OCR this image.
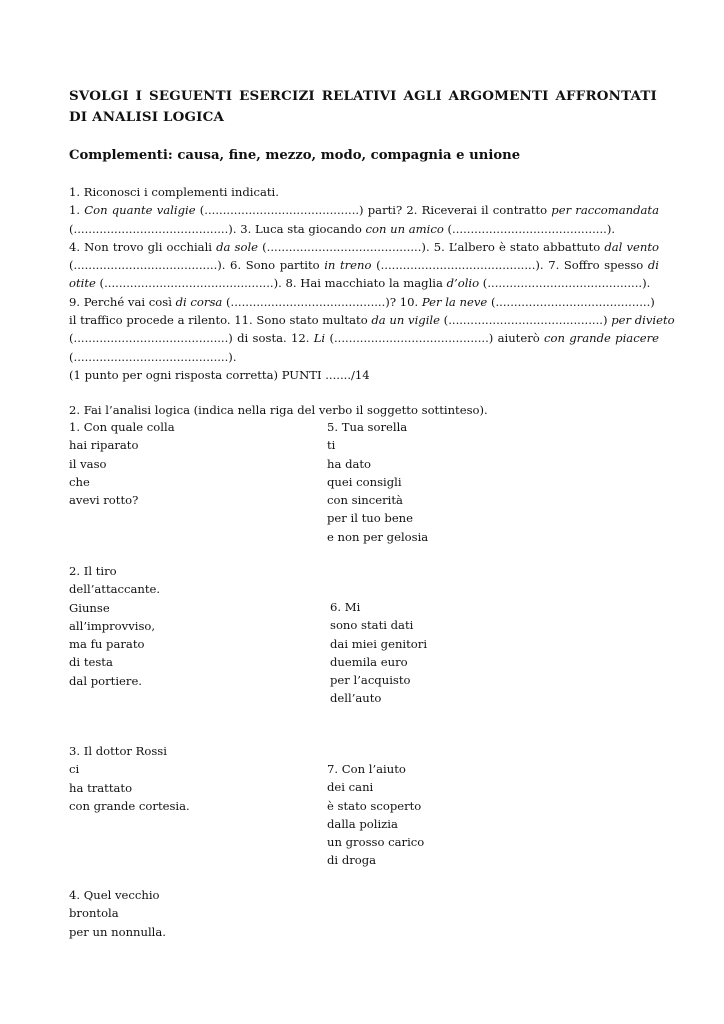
SVOLGI I SEGUENTI ESERCIZI RELATIVI AGLI ARGOMENTI AFFRONTATI DI ANALISI LOGICA
Complementi: causa, fine, mezzo, modo, compagnia e unione
1. Riconosci i complementi indicati.
1. Con quante valigie (..........................................) parti? 2. Riceverai il contratto per raccomandata
(..........................................). 3. Luca sta giocando con un amico (..........................................).
4. Non trovo gli occhiali da sole (..........................................). 5. L’albero è stato abbattuto dal vento
(.......................................). 6. Sono partito in treno (..........................................). 7. Soffro spesso di
otite (..............................................). 8. Hai macchiato la maglia d’olio (..........................................).
9. Perché vai così di corsa (..........................................)? 10. Per la neve (..........................................)
il traffico procede a rilento. 11. Sono stato multato da un vigile (..........................................) per divieto
(..........................................) di sosta. 12. Li (..........................................) aiuterò con grande piacere
(..........................................).
(1 punto per ogni risposta corretta) PUNTI ......./14
2. Fai l’analisi logica (indica nella riga del verbo il soggetto sottinteso).
1. Con quale colla
hai riparato
il vaso
che
avevi rotto?
5. Tua sorella
ti
ha dato
quei consigli
con sincerità
per il tuo bene
e non per gelosia
2. Il tiro
dell’attaccante.
Giunse
all’improvviso,
ma fu parato
di testa
dal portiere.
6. Mi
sono stati dati
dai miei genitori
duemila euro
per l’acquisto
dell’auto
3. Il dottor Rossi
ci
ha trattato
con grande cortesia.
7. Con l’aiuto
dei cani
è stato scoperto
dalla polizia
un grosso carico
di droga
4. Quel vecchio
brontola
per un nonnulla.
